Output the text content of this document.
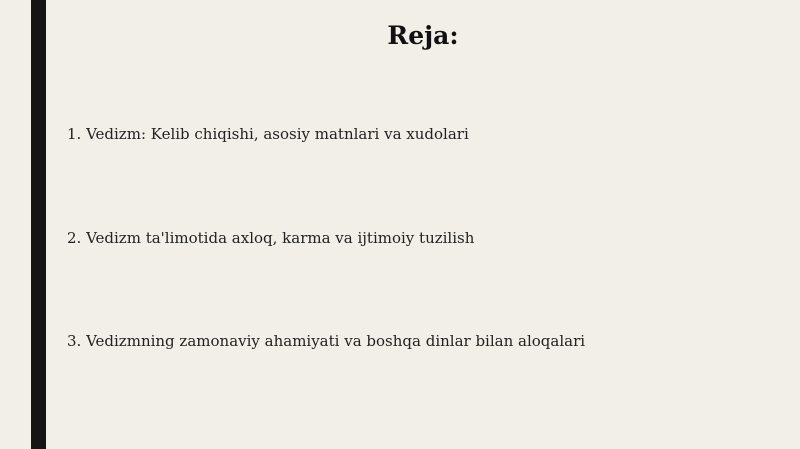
Reja:
1. Vedizm: Kelib chiqishi, asosiy matnlari va xudolari
2. Vedizm ta'limotida axloq, karma va ijtimoiy tuzilish
3. Vedizmning zamonaviy ahamiyati va boshqa dinlar bilan aloqalari
